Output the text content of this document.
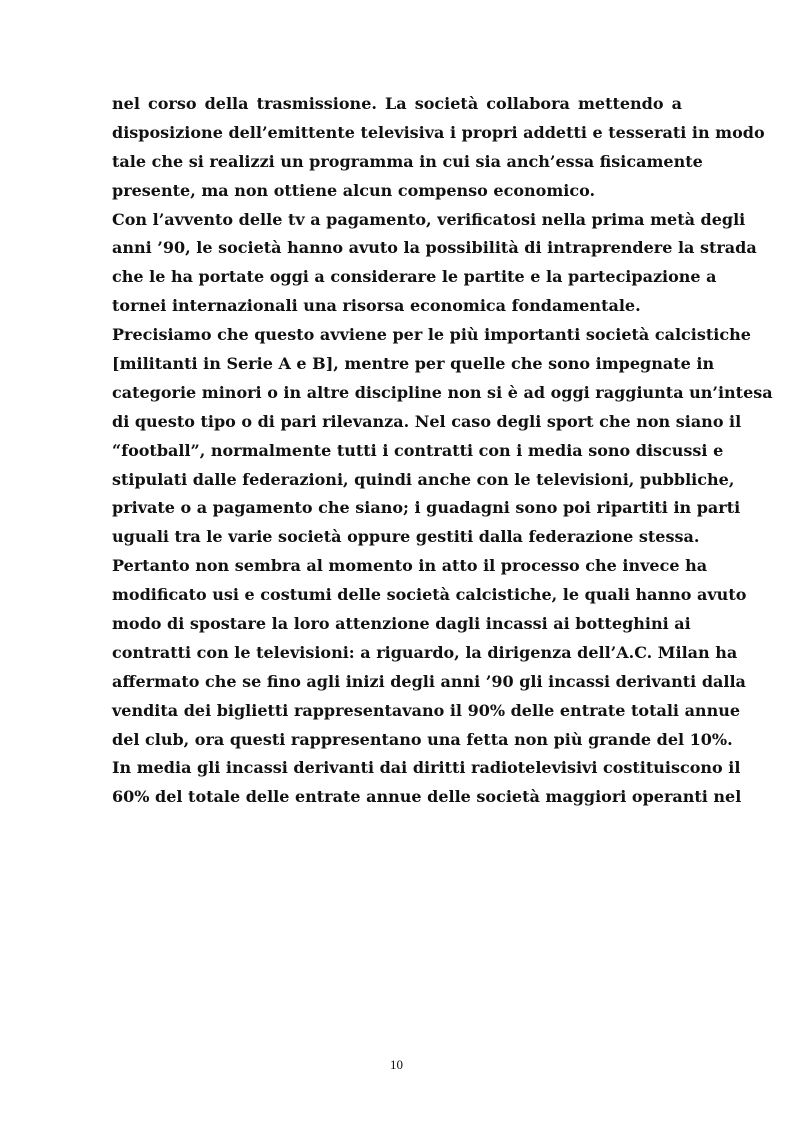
nel corso della trasmissione. La società collabora mettendo a
disposizione dell’emittente televisiva i propri addetti e tesserati in modo
tale che si realizzi un programma in cui sia anch’essa fisicamente
presente, ma non ottiene alcun compenso economico.
Con l’avvento delle tv a pagamento, verificatosi nella prima metà degli
anni ’90, le società hanno avuto la possibilità di intraprendere la strada
che le ha portate oggi a considerare le partite e la partecipazione a
tornei internazionali una risorsa economica fondamentale.
Precisiamo che questo avviene per le più importanti società calcistiche
[militanti in Serie A e B], mentre per quelle che sono impegnate in
categorie minori o in altre discipline non si è ad oggi raggiunta un’intesa
di questo tipo o di pari rilevanza. Nel caso degli sport che non siano il
“football”, normalmente tutti i contratti con i media sono discussi e
stipulati dalle federazioni, quindi anche con le televisioni, pubbliche,
private o a pagamento che siano; i guadagni sono poi ripartiti in parti
uguali tra le varie società oppure gestiti dalla federazione stessa.
Pertanto non sembra al momento in atto il processo che invece ha
modificato usi e costumi delle società calcistiche, le quali hanno avuto
modo di spostare la loro attenzione dagli incassi ai botteghini ai
contratti con le televisioni: a riguardo, la dirigenza dell’A.C. Milan ha
affermato che se fino agli inizi degli anni ’90 gli incassi derivanti dalla
vendita dei biglietti rappresentavano il 90% delle entrate totali annue
del club, ora questi rappresentano una fetta non più grande del 10%.
In media gli incassi derivanti dai diritti radiotelevisivi costituiscono il
60% del totale delle entrate annue delle società maggiori operanti nel
10
